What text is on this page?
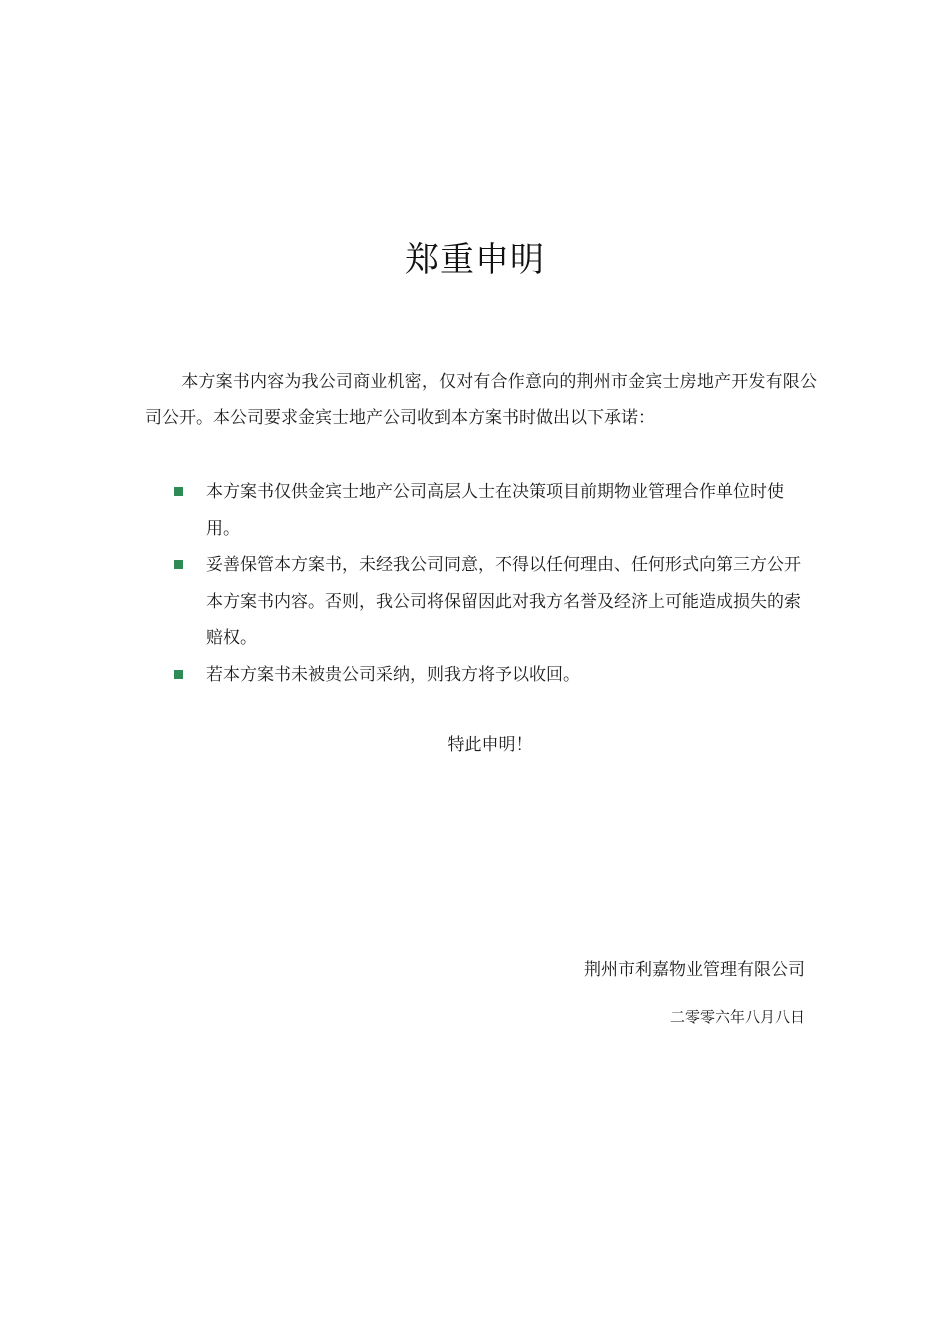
郑重申明

本方案书内容为我公司商业机密，仅对有合作意向的荆州市金宾士房地产开发有限公司公开。本公司要求金宾士地产公司收到本方案书时做出以下承诺：

本方案书仅供金宾士地产公司高层人士在决策项目前期物业管理合作单位时使用。
妥善保管本方案书，未经我公司同意，不得以任何理由、任何形式向第三方公开本方案书内容。否则，我公司将保留因此对我方名誉及经济上可能造成损失的索赔权。
若本方案书未被贵公司采纳，则我方将予以收回。

特此申明！

荆州市利嘉物业管理有限公司

二零零六年八月八日
